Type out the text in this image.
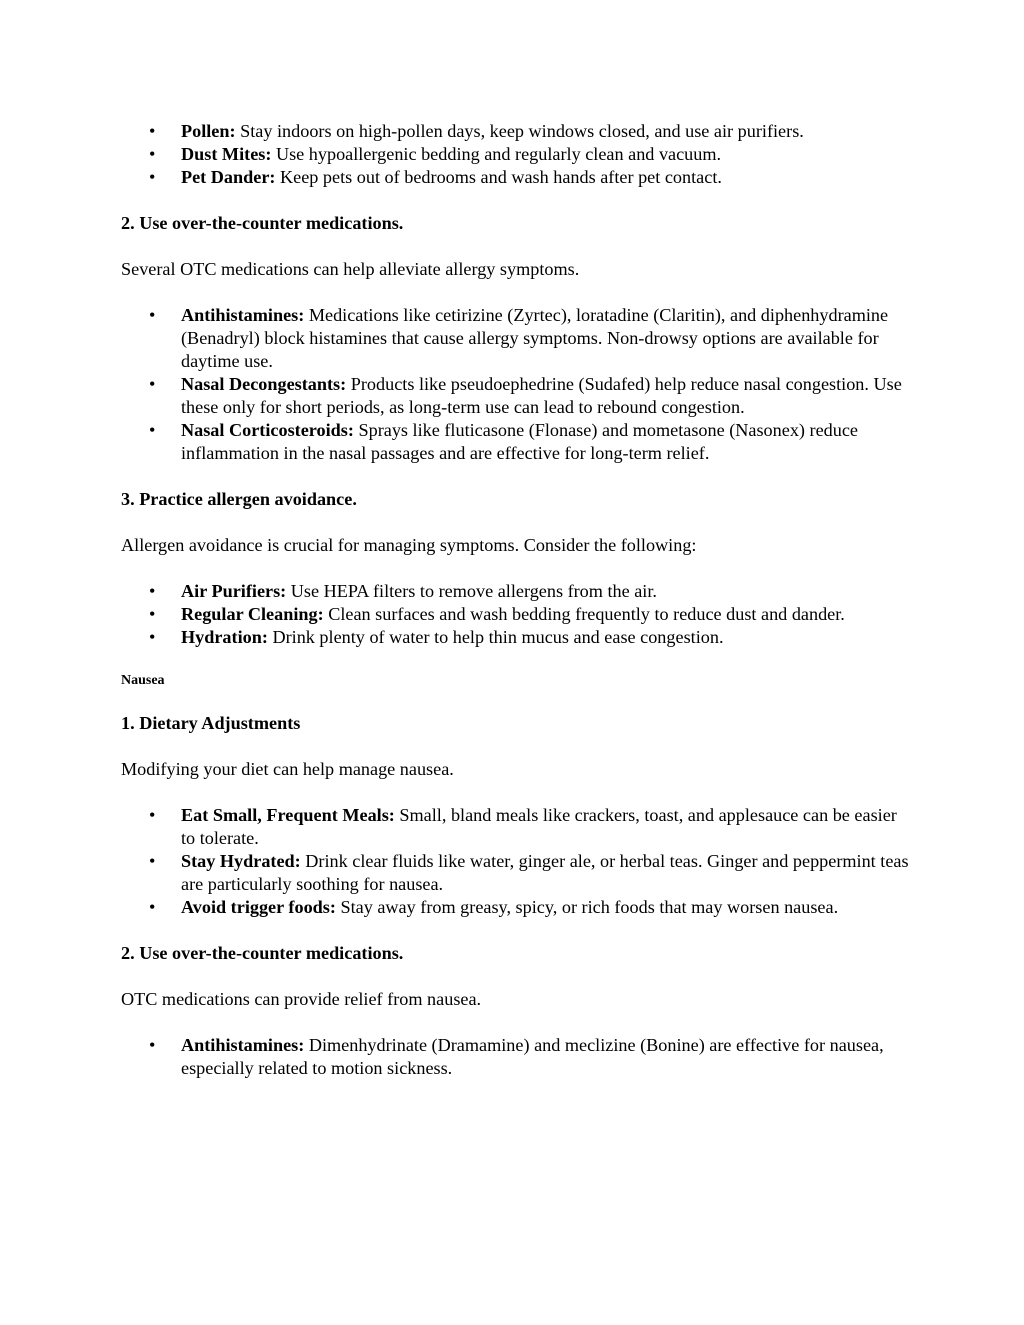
• Pollen: Stay indoors on high-pollen days, keep windows closed, and use air purifiers.
• Dust Mites: Use hypoallergenic bedding and regularly clean and vacuum.
• Pet Dander: Keep pets out of bedrooms and wash hands after pet contact.
2. Use over-the-counter medications.

Several OTC medications can help alleviate allergy symptoms.

• Antihistamines: Medications like cetirizine (Zyrtec), loratadine (Claritin), and diphenhydramine (Benadryl) block histamines that cause allergy symptoms. Non-drowsy options are available for daytime use.
• Nasal Decongestants: Products like pseudoephedrine (Sudafed) help reduce nasal congestion. Use these only for short periods, as long-term use can lead to rebound congestion.
• Nasal Corticosteroids: Sprays like fluticasone (Flonase) and mometasone (Nasonex) reduce inflammation in the nasal passages and are effective for long-term relief.
3. Practice allergen avoidance.

Allergen avoidance is crucial for managing symptoms. Consider the following:

• Air Purifiers: Use HEPA filters to remove allergens from the air.
• Regular Cleaning: Clean surfaces and wash bedding frequently to reduce dust and dander.
• Hydration: Drink plenty of water to help thin mucus and ease congestion.

Nausea

1. Dietary Adjustments

Modifying your diet can help manage nausea.

• Eat Small, Frequent Meals: Small, bland meals like crackers, toast, and applesauce can be easier to tolerate.
• Stay Hydrated: Drink clear fluids like water, ginger ale, or herbal teas. Ginger and peppermint teas are particularly soothing for nausea.
• Avoid trigger foods: Stay away from greasy, spicy, or rich foods that may worsen nausea.
2. Use over-the-counter medications.

OTC medications can provide relief from nausea.

• Antihistamines: Dimenhydrinate (Dramamine) and meclizine (Bonine) are effective for nausea, especially related to motion sickness.
